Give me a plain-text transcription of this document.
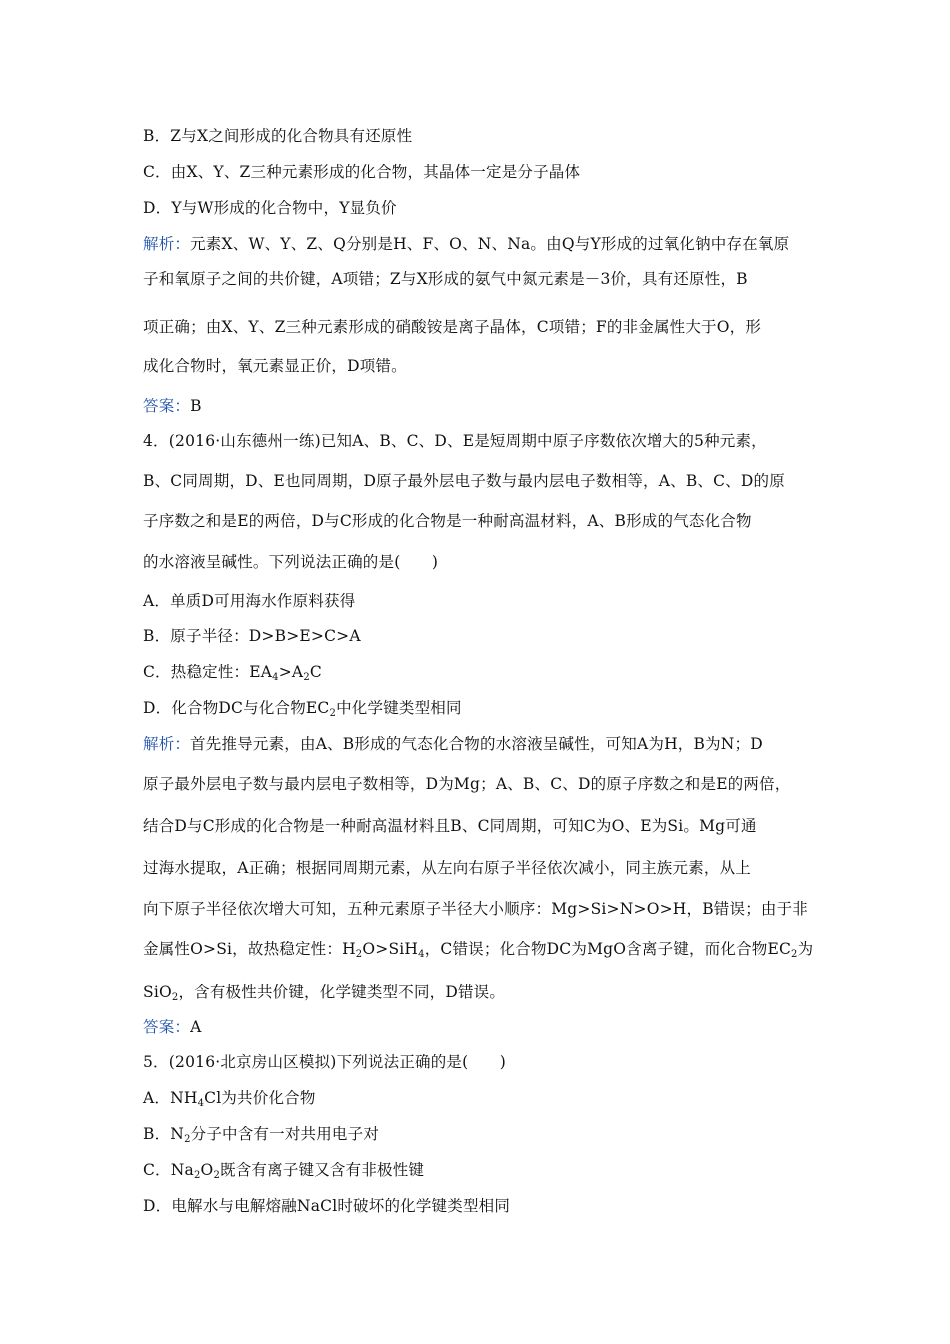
B．Z与X之间形成的化合物具有还原性
C．由X、Y、Z三种元素形成的化合物，其晶体一定是分子晶体
D．Y与W形成的化合物中，Y显负价
解析：元素X、W、Y、Z、Q分别是H、F、O、N、Na。由Q与Y形成的过氧化钠中存在氧原
子和氧原子之间的共价键，A项错；Z与X形成的氨气中氮元素是－3价，具有还原性，B
项正确；由X、Y、Z三种元素形成的硝酸铵是离子晶体，C项错；F的非金属性大于O，形
成化合物时，氧元素显正价，D项错。
答案：B
4．(2016·山东德州一练)已知A、B、C、D、E是短周期中原子序数依次增大的5种元素，
B、C同周期，D、E也同周期，D原子最外层电子数与最内层电子数相等，A、B、C、D的原
子序数之和是E的两倍，D与C形成的化合物是一种耐高温材料，A、B形成的气态化合物
的水溶液呈碱性。下列说法正确的是(　　)
A．单质D可用海水作原料获得
B．原子半径：D>B>E>C>A
C．热稳定性：$EA_4>A_2C$
D．化合物DC与化合物$EC_2$中化学键类型相同
解析：首先推导元素，由A、B形成的气态化合物的水溶液呈碱性，可知A为H，B为N；D
原子最外层电子数与最内层电子数相等，D为Mg；A、B、C、D的原子序数之和是E的两倍，
结合D与C形成的化合物是一种耐高温材料且B、C同周期，可知C为O、E为Si。Mg可通
过海水提取，A正确；根据同周期元素，从左向右原子半径依次减小，同主族元素，从上
向下原子半径依次增大可知，五种元素原子半径大小顺序：Mg>Si>N>O>H，B错误；由于非
金属性O>Si，故热稳定性：$H_2O>SiH_4$，C错误；化合物DC为MgO含离子键，而化合物$EC_2$为
SiO$_2$，含有极性共价键，化学键类型不同，D错误。
答案：A
5．(2016·北京房山区模拟)下列说法正确的是(　　)
A．$NH_4Cl$为共价化合物
B．$N_2$分子中含有一对共用电子对
C．$Na_2O_2$既含有离子键又含有非极性键
D．电解水与电解熔融NaCl时破坏的化学键类型相同
